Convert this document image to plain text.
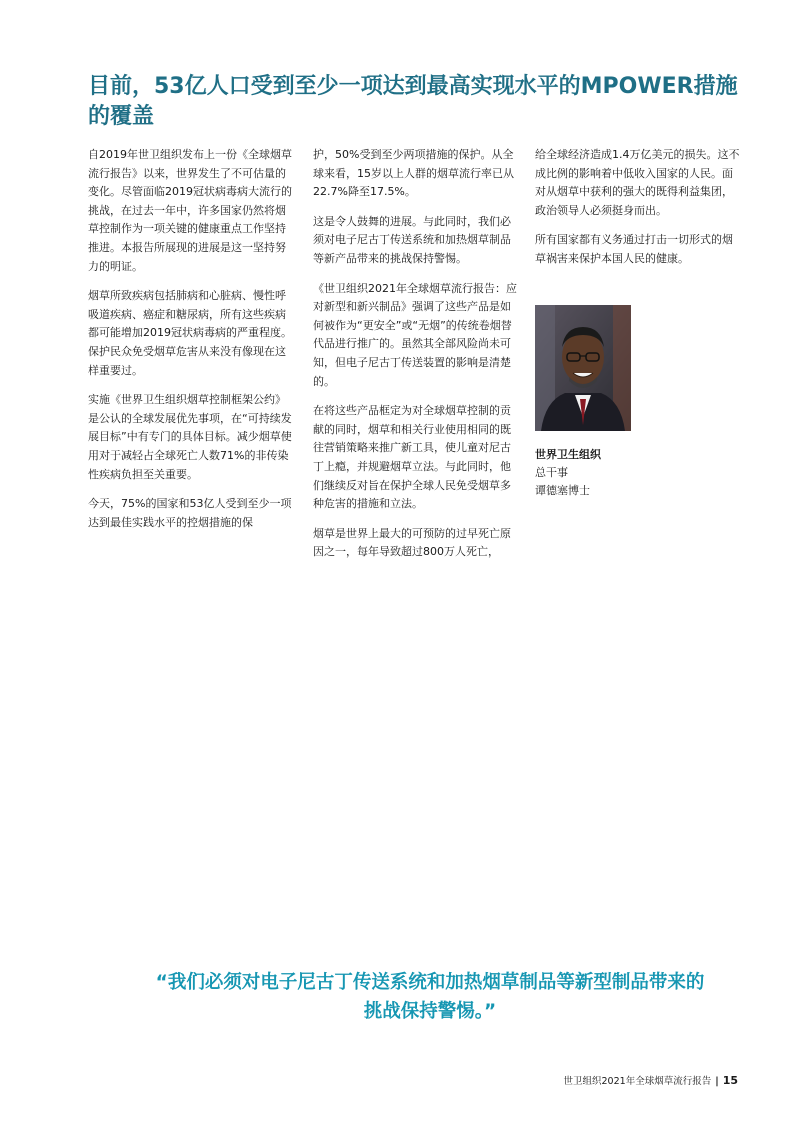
目前，53亿人口受到至少一项达到最高实现水平的MPOWER措施的覆盖

自2019年世卫组织发布上一份《全球烟草流行报告》以来，世界发生了不可估量的变化。尽管面临2019冠状病毒病大流行的挑战，在过去一年中，许多国家仍然将烟草控制作为一项关键的健康重点工作坚持推进。本报告所展现的进展是这一坚持努力的明证。

烟草所致疾病包括肺病和心脏病、慢性呼吸道疾病、癌症和糖尿病，所有这些疾病都可能增加2019冠状病毒病的严重程度。保护民众免受烟草危害从来没有像现在这样重要过。

实施《世界卫生组织烟草控制框架公约》是公认的全球发展优先事项，在“可持续发展目标”中有专门的具体目标。减少烟草使用对于减轻占全球死亡人数71%的非传染性疾病负担至关重要。

今天，75%的国家和53亿人受到至少一项达到最佳实践水平的控烟措施的保

护，50%受到至少两项措施的保护。从全球来看，15岁以上人群的烟草流行率已从22.7%降至17.5%。

这是令人鼓舞的进展。与此同时，我们必须对电子尼古丁传送系统和加热烟草制品等新产品带来的挑战保持警惕。

《世卫组织2021年全球烟草流行报告：应对新型和新兴制品》强调了这些产品是如何被作为“更安全”或“无烟”的传统卷烟替代品进行推广的。虽然其全部风险尚未可知，但电子尼古丁传送装置的影响是清楚的。

在将这些产品框定为对全球烟草控制的贡献的同时，烟草和相关行业使用相同的既往营销策略来推广新工具，使儿童对尼古丁上瘾，并规避烟草立法。与此同时，他们继续反对旨在保护全球人民免受烟草多种危害的措施和立法。

烟草是世界上最大的可预防的过早死亡原因之一，每年导致超过800万人死亡，

给全球经济造成1.4万亿美元的损失。这不成比例的影响着中低收入国家的人民。面对从烟草中获利的强大的既得利益集团，政治领导人必须挺身而出。

所有国家都有义务通过打击一切形式的烟草祸害来保护本国人民的健康。

世界卫生组织
总干事
谭德塞博士
“我们必须对电子尼古丁传送系统和加热烟草制品等新型制品带来的挑战保持警惕。”
世卫组织2021年全球烟草流行报告 | 15
